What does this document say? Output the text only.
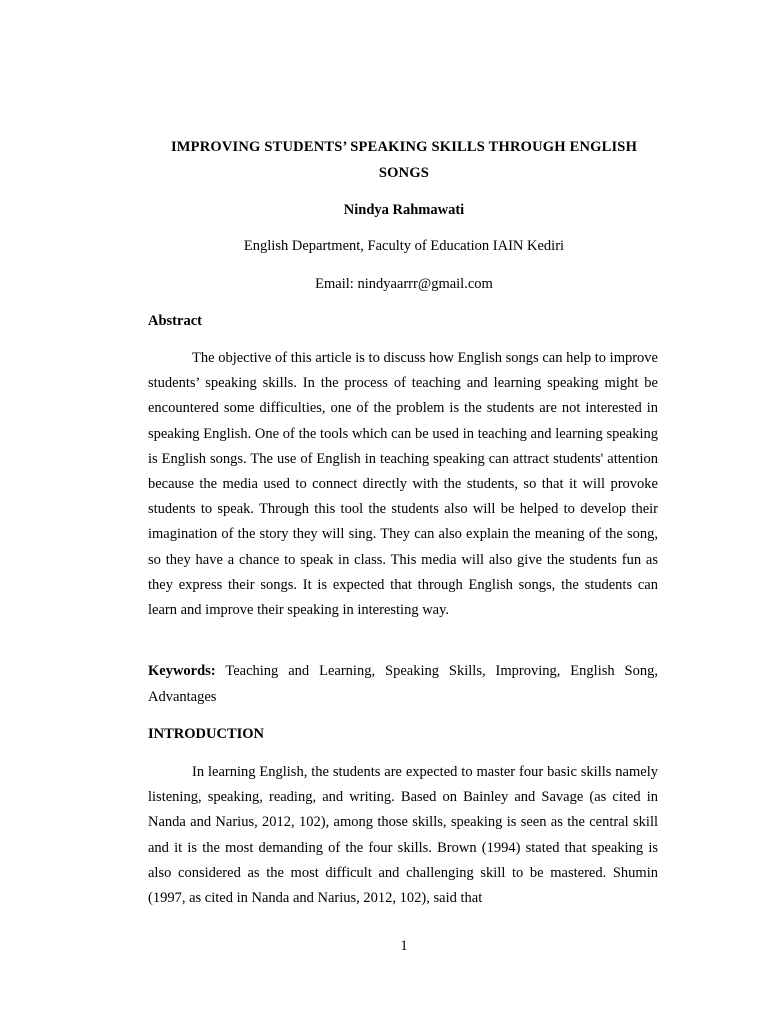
IMPROVING STUDENTS’ SPEAKING SKILLS THROUGH ENGLISH SONGS
Nindya Rahmawati
English Department, Faculty of Education IAIN Kediri
Email: nindyaarrr@gmail.com
Abstract

The objective of this article is to discuss how English songs can help to improve students’ speaking skills. In the process of teaching and learning speaking might be encountered some difficulties, one of the problem is the students are not interested in speaking English. One of the tools which can be used in teaching and learning speaking is English songs. The use of English in teaching speaking can attract students' attention because the media used to connect directly with the students, so that it will provoke students to speak. Through this tool the students also will be helped to develop their imagination of the story they will sing. They can also explain the meaning of the song, so they have a chance to speak in class. This media will also give the students fun as they express their songs. It is expected that through English songs, the students can learn and improve their speaking in interesting way.

Keywords: Teaching and Learning, Speaking Skills, Improving, English Song, Advantages

INTRODUCTION

In learning English, the students are expected to master four basic skills namely listening, speaking, reading, and writing. Based on Bainley and Savage (as cited in Nanda and Narius, 2012, 102), among those skills, speaking is seen as the central skill and it is the most demanding of the four skills. Brown (1994) stated that speaking is also considered as the most difficult and challenging skill to be mastered. Shumin (1997, as cited in Nanda and Narius, 2012, 102), said that

1
